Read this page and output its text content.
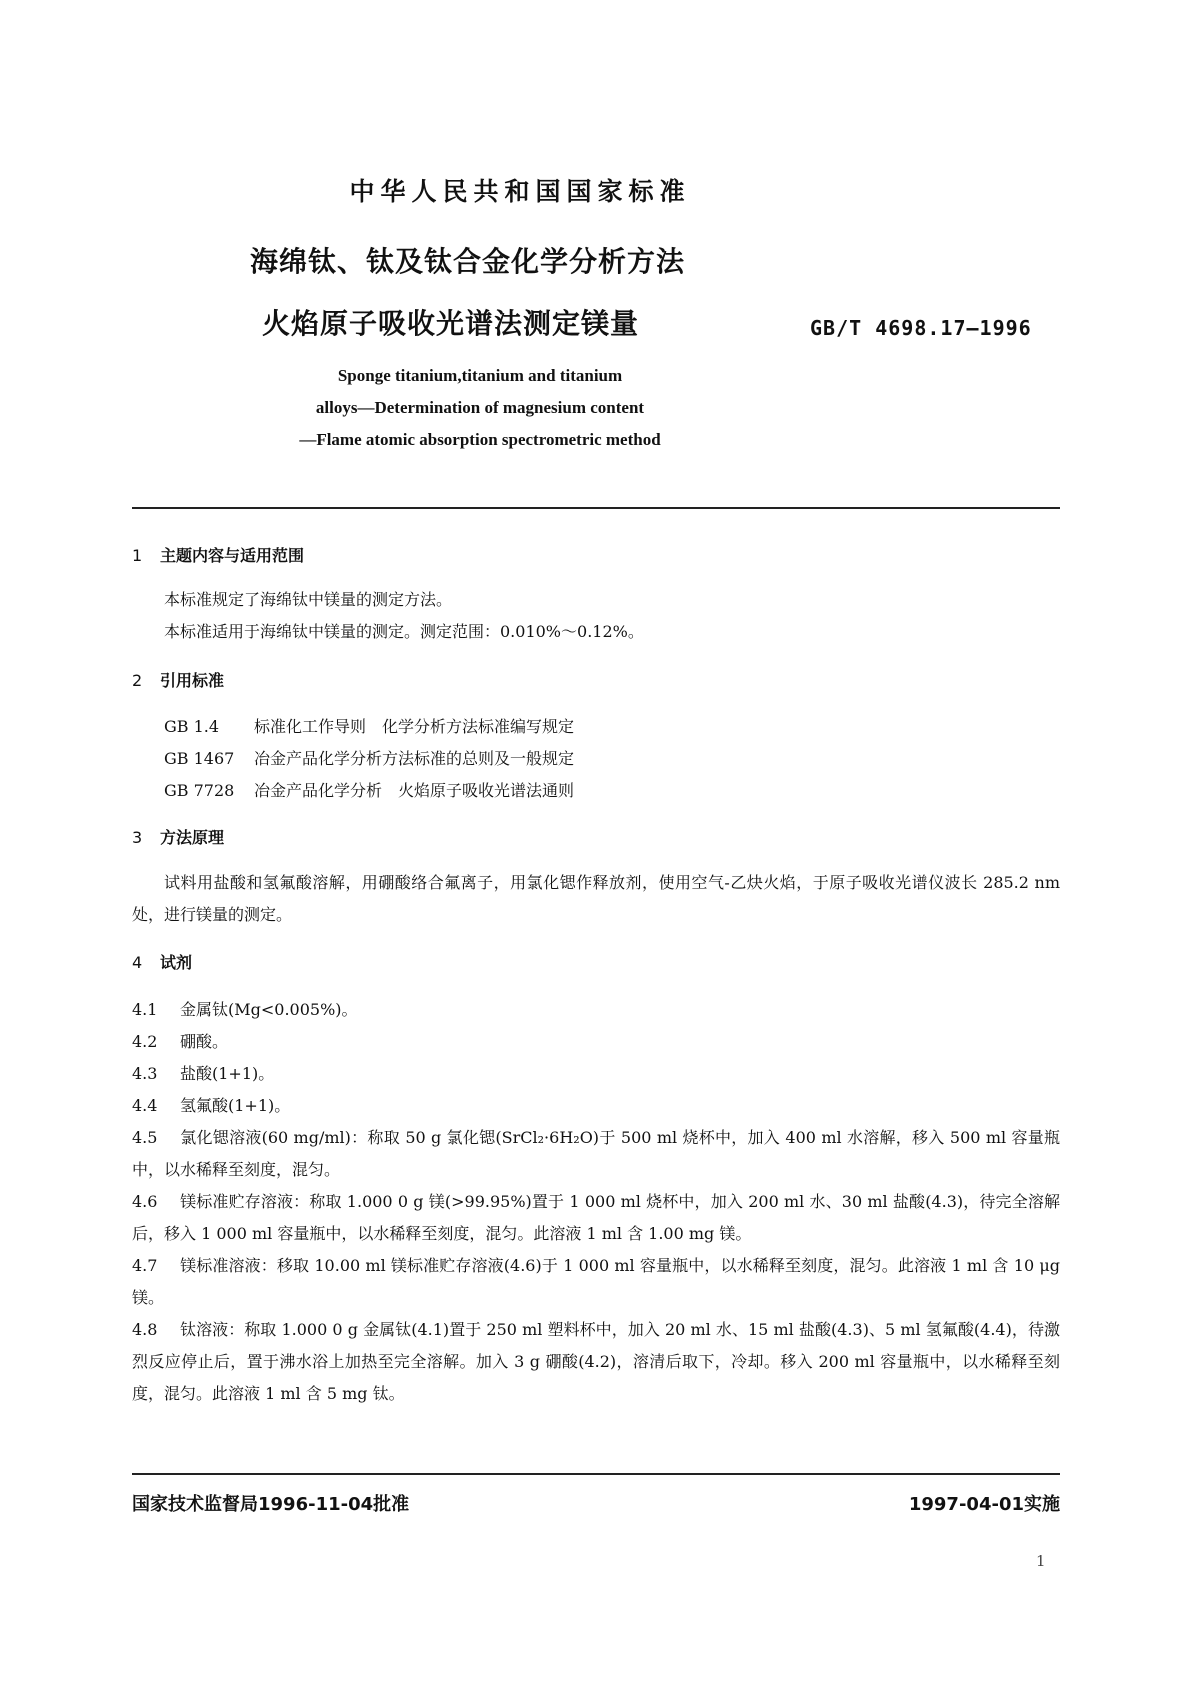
中华人民共和国国家标准
海绵钛、钛及钛合金化学分析方法
火焰原子吸收光谱法测定镁量	GB/T 4698.17—1996
Sponge titanium,titanium and titanium
alloys—Determination of magnesium content
—Flame atomic absorption spectrometric method
1 主题内容与适用范围
本标准规定了海绵钛中镁量的测定方法。
本标准适用于海绵钛中镁量的测定。测定范围：0.010%～0.12%。
2 引用标准
GB 1.4 标准化工作导则　化学分析方法标准编写规定
GB 1467 冶金产品化学分析方法标准的总则及一般规定
GB 7728 冶金产品化学分析　火焰原子吸收光谱法通则
3 方法原理
试料用盐酸和氢氟酸溶解，用硼酸络合氟离子，用氯化锶作释放剂，使用空气-乙炔火焰，于原子吸收光谱仪波长 285.2 nm 处，进行镁量的测定。
4 试剂
4.1 金属钛(Mg<0.005%)。
4.2 硼酸。
4.3 盐酸(1+1)。
4.4 氢氟酸(1+1)。
4.5 氯化锶溶液(60 mg/ml)：称取 50 g 氯化锶(SrCl₂·6H₂O)于 500 ml 烧杯中，加入 400 ml 水溶解，移入 500 ml 容量瓶中，以水稀释至刻度，混匀。
4.6 镁标准贮存溶液：称取 1.000 0 g 镁(>99.95%)置于 1 000 ml 烧杯中，加入 200 ml 水、30 ml 盐酸(4.3)，待完全溶解后，移入 1 000 ml 容量瓶中，以水稀释至刻度，混匀。此溶液 1 ml 含 1.00 mg 镁。
4.7 镁标准溶液：移取 10.00 ml 镁标准贮存溶液(4.6)于 1 000 ml 容量瓶中，以水稀释至刻度，混匀。此溶液 1 ml 含 10 μg 镁。
4.8 钛溶液：称取 1.000 0 g 金属钛(4.1)置于 250 ml 塑料杯中，加入 20 ml 水、15 ml 盐酸(4.3)、5 ml 氢氟酸(4.4)，待激烈反应停止后，置于沸水浴上加热至完全溶解。加入 3 g 硼酸(4.2)，溶清后取下，冷却。移入 200 ml 容量瓶中，以水稀释至刻度，混匀。此溶液 1 ml 含 5 mg 钛。
国家技术监督局1996-11-04批准	1997-04-01实施
1
